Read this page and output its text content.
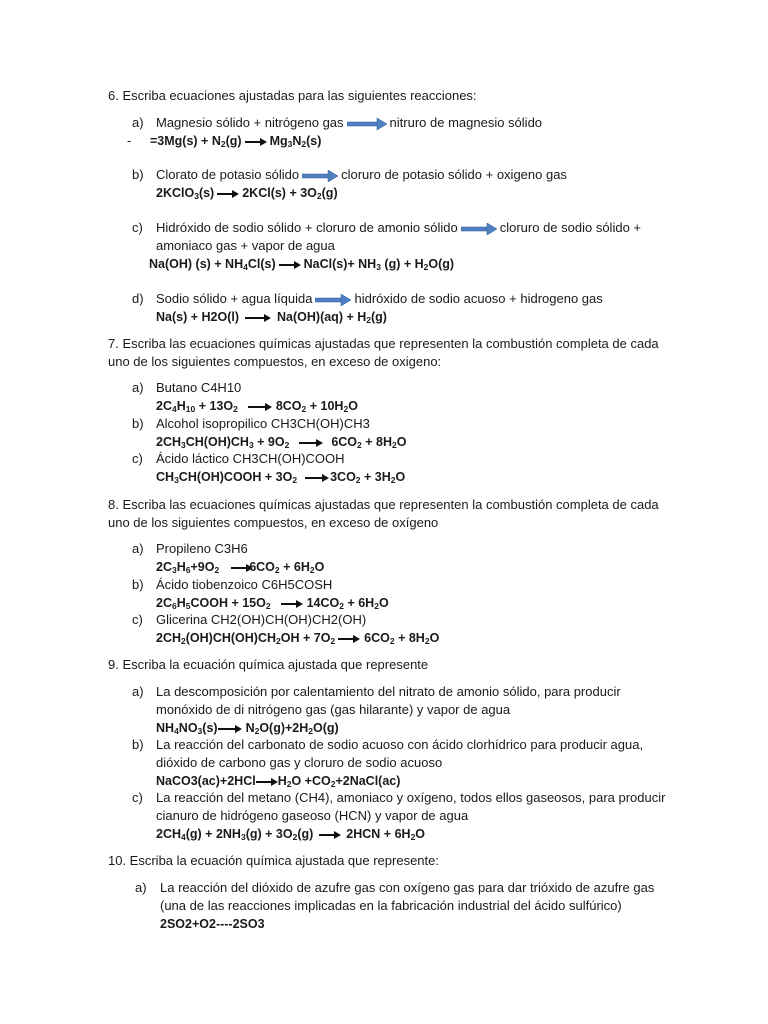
6. Escriba ecuaciones ajustadas para las siguientes reacciones:
a) Magnesio sólido + nitrógeno gas	nitruro de magnesio sólido
- $=3Mg(s) + N_2(g) \to Mg_3N_2(s)$
b) Clorato de potasio sólido	cloruro de potasio sólido + oxigeno gas
2KClO$_3$(s) → $2KCl(s) + 3O_2(g)$
c) Hidróxido de sodio sólido + cloruro de amonio sólido	cloruro de sodio sólido +
amoniaco gas + vapor de agua
Na(OH) $(s) + NH_4Cl(s)$ → NaCl(s)+ $NH_3$ $(g) + H_2O(g)$
d) Sodio sólido + agua líquida	hidróxido de sodio acuoso + hidrogeno gas
$Na(s) + H2O(l) \to Na(OH)(aq) + H_2(g)$
7. Escriba las ecuaciones químicas ajustadas que representen la combustión completa de cada
uno de los siguientes compuestos, en exceso de oxigeno:
a) Butano C4H10
$2C_4H_{10} + 13O_2 \to 8CO_2 + 10H_2O$
b) Alcohol isopropilico CH3CH(OH)CH3
$2CH_3CH(OH)CH_3 + 9O_2 \to 6CO_2 + 8H_2O$
c) Ácido láctico CH3CH(OH)COOH
$CH_3CH(OH)COOH + 3O_2 \to 3CO_2 + 3H_2O$
8. Escriba las ecuaciones químicas ajustadas que representen la combustión completa de cada
uno de los siguientes compuestos, en exceso de oxígeno
a) Propileno C3H6
$2C_3H_6+9O_2 \to 6CO_2 + 6H_2O$
b) Ácido tiobenzoico C6H5COSH
$2C_6H_5COOH + 15O_2 \to 14CO_2 + 6H_2O$
c) Glicerina CH2(OH)CH(OH)CH2(OH)
$2CH_2(OH)CH(OH)CH_2OH + 7O_2 \to 6CO_2 + 8H_2O$
9. Escriba la ecuación química ajustada que represente
a) La descomposición por calentamiento del nitrato de amonio sólido, para producir
monóxido de di nitrógeno gas (gas hilarante) y vapor de agua
$NH_4NO_3(s)\to N_2O(g)+2H_2O(g)$
b) La reacción del carbonato de sodio acuoso con ácido clorhídrico para producir agua,
dióxido de carbono gas y cloruro de sodio acuoso
$NaCO3(ac)+2HCl\to H_2O$ $+CO_2+2NaCl(ac)$
c) La reacción del metano (CH4), amoniaco y oxígeno, todos ellos gaseosos, para producir
cianuro de hidrógeno gaseoso (HCN) y vapor de agua
$2CH_4(g) + 2NH_3(g) + 3O_2(g) \to 2HCN + 6H_2O$
10. Escriba la ecuación química ajustada que represente:
a) La reacción del dióxido de azufre gas con oxígeno gas para dar trióxido de azufre gas
(una de las reacciones implicadas en la fabricación industrial del ácido sulfúrico)
2SO2+O2----2SO3
